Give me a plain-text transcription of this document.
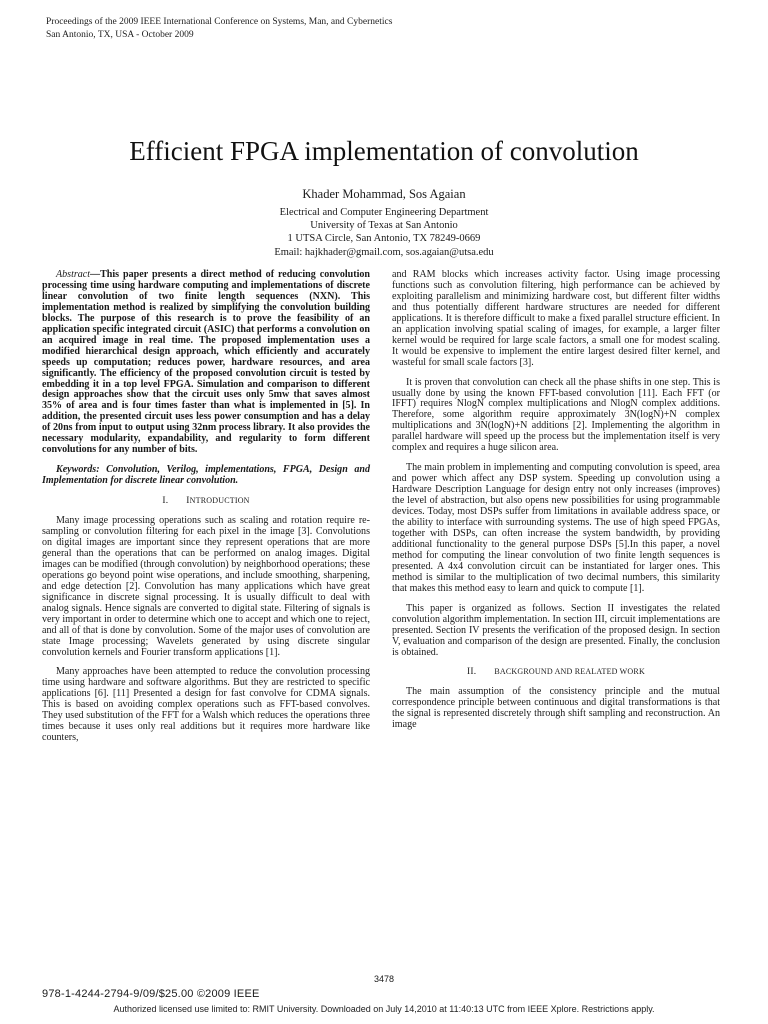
Proceedings of the 2009 IEEE International Conference on Systems, Man, and Cybernetics
San Antonio, TX, USA - October 2009
Efficient FPGA implementation of convolution
Khader Mohammad, Sos Agaian
Electrical and Computer Engineering Department
University of Texas at San Antonio
1 UTSA Circle, San Antonio, TX 78249-0669
Email: hajkhader@gmail.com, sos.agaian@utsa.edu

Abstract—This paper presents a direct method of reducing convolution processing time using hardware computing and implementations of discrete linear convolution of two finite length sequences (NXN). This implementation method is realized by simplifying the convolution building blocks. The purpose of this research is to prove the feasibility of an application specific integrated circuit (ASIC) that performs a convolution on an acquired image in real time. The proposed implementation uses a modified hierarchical design approach, which efficiently and accurately speeds up computation; reduces power, hardware resources, and area significantly. The efficiency of the proposed convolution circuit is tested by embedding it in a top level FPGA. Simulation and comparison to different design approaches show that the circuit uses only 5mw that saves almost 35% of area and is four times faster than what is implemented in [5]. In addition, the presented circuit uses less power consumption and has a delay of 20ns from input to output using 32nm process library. It also provides the necessary modularity, expandability, and regularity to form different convolutions for any number of bits.

Keywords: Convolution, Verilog, implementations, FPGA, Design and Implementation for discrete linear convolution.

I. INTRODUCTION

Many image processing operations such as scaling and rotation require re-sampling or convolution filtering for each pixel in the image [3]. Convolutions on digital images are important since they represent operations that are more general than the operations that can be performed on analog images. Digital images can be modified (through convolution) by neighborhood operations; these operations go beyond point wise operations, and include smoothing, sharpening, and edge detection [2]. Convolution has many applications which have great significance in discrete signal processing. It is usually difficult to deal with analog signals. Hence signals are converted to digital state. Filtering of signals is very important in order to determine which one to accept and which one to reject, and all of that is done by convolution. Some of the major uses of convolution are state Image processing; Wavelets generated by using discrete singular convolution kernels and Fourier transform applications [1].

Many approaches have been attempted to reduce the convolution processing time using hardware and software algorithms. But they are restricted to specific applications [6]. [11] Presented a design for fast convolve for CDMA signals. This is based on avoiding complex operations such as FFT-based convolves. They used substitution of the FFT for a Walsh which reduces the operations three times because it uses only real additions but it requires more hardware like counters,

and RAM blocks which increases activity factor. Using image processing functions such as convolution filtering, high performance can be achieved by exploiting parallelism and minimizing hardware cost, but different filter widths and thus potentially different hardware structures are needed for different applications. It is therefore difficult to make a fixed parallel structure efficient. In an application involving spatial scaling of images, for example, a larger filter kernel would be required for large scale factors, a small one for modest scaling. It would be expensive to implement the entire largest desired filter kernel, and wasteful for small scale factors [3].

It is proven that convolution can check all the phase shifts in one step. This is usually done by using the known FFT-based convolution [11]. Each FFT (or IFFT) requires NlogN complex multiplications and NlogN complex additions. Therefore, some algorithm require approximately 3N(logN)+N complex multiplications and 3N(logN)+N additions [2]. Implementing the algorithm in parallel hardware will speed up the process but the implementation itself is very complex and requires a huge silicon area.

The main problem in implementing and computing convolution is speed, area and power which affect any DSP system. Speeding up convolution using a Hardware Description Language for design entry not only increases (improves) the level of abstraction, but also opens new possibilities for using programmable devices. Today, most DSPs suffer from limitations in available address space, or the ability to interface with surrounding systems. The use of high speed FPGAs, together with DSPs, can often increase the system bandwidth, by providing additional functionality to the general purpose DSPs [5].In this paper, a novel method for computing the linear convolution of two finite length sequences is presented. A 4x4 convolution circuit can be instantiated for larger ones. This method is similar to the multiplication of two decimal numbers, this similarity that makes this method easy to learn and quick to compute [1].

This paper is organized as follows. Section II investigates the related convolution algorithm implementation. In section III, circuit implementations are presented. Section IV presents the verification of the proposed design. In section V, evaluation and comparison of the design are presented. Finally, the conclusion is obtained.

II. BACKGROUND AND REALATED WORK

The main assumption of the consistency principle and the mutual correspondence principle between continuous and digital transformations is that the signal is represented discretely through shift sampling and reconstruction. An image

3478
978-1-4244-2794-9/09/$25.00 ©2009 IEEE
Authorized licensed use limited to: RMIT University. Downloaded on July 14,2010 at 11:40:13 UTC from IEEE Xplore. Restrictions apply.
